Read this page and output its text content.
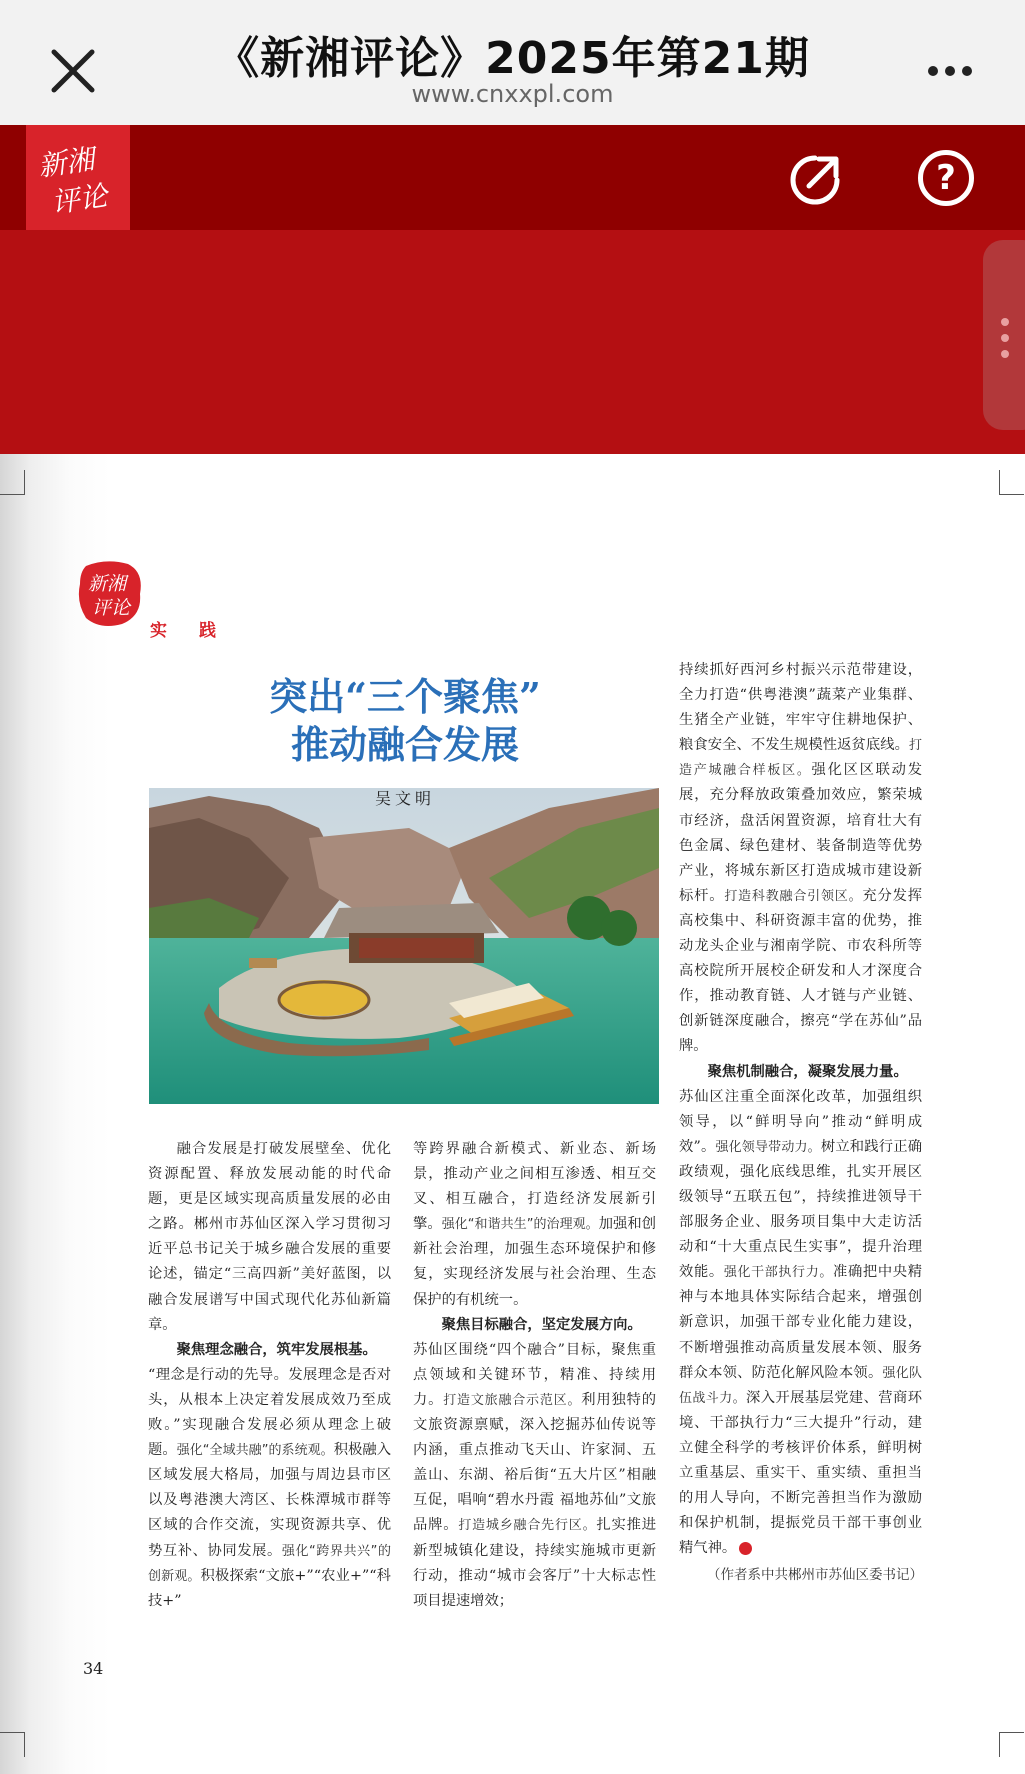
《新湘评论》2025年第21期
www.cnxxpl.com
新湘
评论
?
新湘
评论
实践
突出“三个聚焦”
推动融合发展
吴文明

融合发展是打破发展壁垒、优化资源配置、释放发展动能的时代命题，更是区域实现高质量发展的必由之路。郴州市苏仙区深入学习贯彻习近平总书记关于城乡融合发展的重要论述，锚定“三高四新”美好蓝图，以融合发展谱写中国式现代化苏仙新篇章。

聚焦理念融合，筑牢发展根基。

“理念是行动的先导。发展理念是否对头，从根本上决定着发展成效乃至成败。”实现融合发展必须从理念上破题。强化“全域共融”的系统观。积极融入区域发展大格局，加强与周边县市区以及粤港澳大湾区、长株潭城市群等区域的合作交流，实现资源共享、优势互补、协同发展。强化“跨界共兴”的创新观。积极探索“文旅+”“农业+”“科技+”

等跨界融合新模式、新业态、新场景，推动产业之间相互渗透、相互交叉、相互融合，打造经济发展新引擎。强化“和谐共生”的治理观。加强和创新社会治理，加强生态环境保护和修复，实现经济发展与社会治理、生态保护的有机统一。

聚焦目标融合，坚定发展方向。

苏仙区围绕“四个融合”目标，聚焦重点领域和关键环节，精准、持续用力。打造文旅融合示范区。利用独特的文旅资源禀赋，深入挖掘苏仙传说等内涵，重点推动飞天山、许家洞、五盖山、东湖、裕后街“五大片区”相融互促，唱响“碧水丹霞 福地苏仙”文旅品牌。打造城乡融合先行区。扎实推进新型城镇化建设，持续实施城市更新行动，推动“城市会客厅”十大标志性项目提速增效；

持续抓好西河乡村振兴示范带建设，全力打造“供粤港澳”蔬菜产业集群、生猪全产业链，牢牢守住耕地保护、粮食安全、不发生规模性返贫底线。打造产城融合样板区。强化区区联动发展，充分释放政策叠加效应，繁荣城市经济，盘活闲置资源，培育壮大有色金属、绿色建材、装备制造等优势产业，将城东新区打造成城市建设新标杆。打造科教融合引领区。充分发挥高校集中、科研资源丰富的优势，推动龙头企业与湘南学院、市农科所等高校院所开展校企研发和人才深度合作，推动教育链、人才链与产业链、创新链深度融合，擦亮“学在苏仙”品牌。

聚焦机制融合，凝聚发展力量。

苏仙区注重全面深化改革，加强组织领导，以“鲜明导向”推动“鲜明成效”。强化领导带动力。树立和践行正确政绩观，强化底线思维，扎实开展区级领导“五联五包”，持续推进领导干部服务企业、服务项目集中大走访活动和“十大重点民生实事”，提升治理效能。强化干部执行力。准确把中央精神与本地具体实际结合起来，增强创新意识，加强干部专业化能力建设，不断增强推动高质量发展本领、服务群众本领、防范化解风险本领。强化队伍战斗力。深入开展基层党建、营商环境、干部执行力“三大提升”行动，建立健全科学的考核评价体系，鲜明树立重基层、重实干、重实绩、重担当的用人导向，不断完善担当作为激励和保护机制，提振党员干部干事创业精气神。

（作者系中共郴州市苏仙区委书记）
34
